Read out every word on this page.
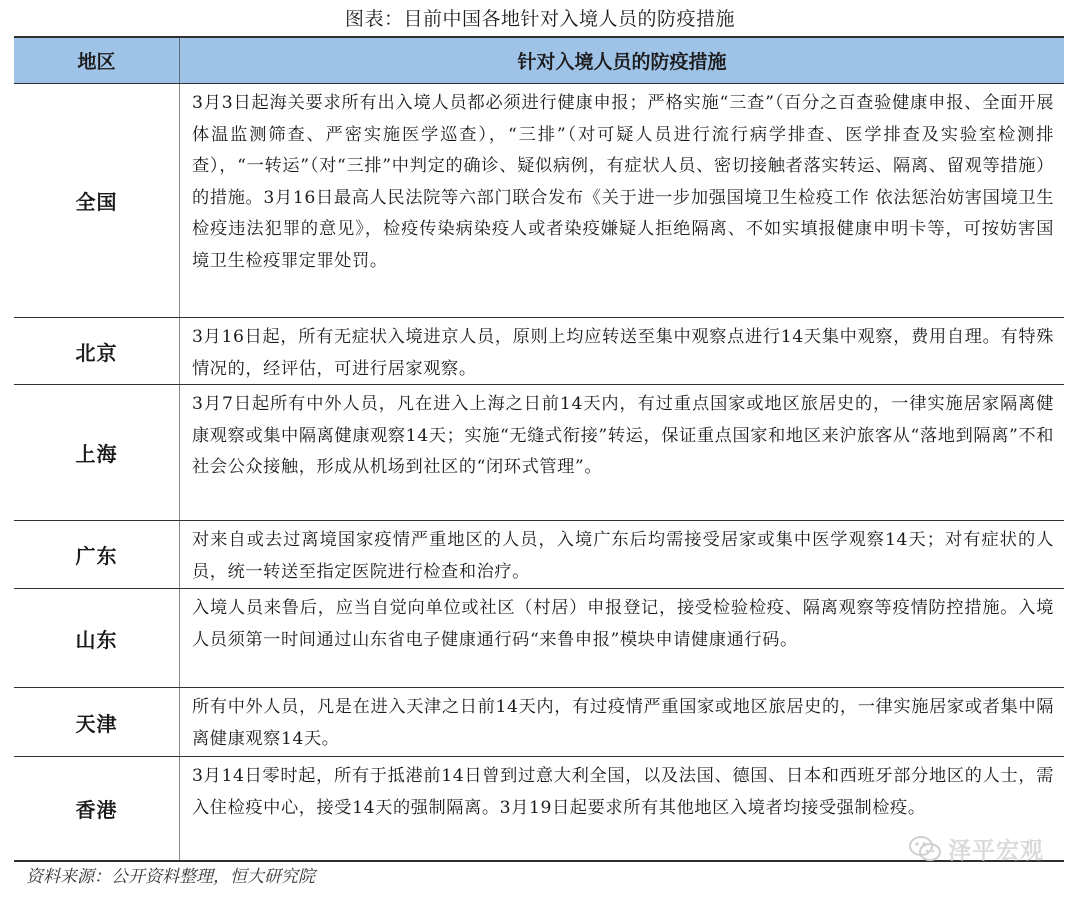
图表：目前中国各地针对入境人员的防疫措施
地区	针对入境人员的防疫措施
全国
3月3日起海关要求所有出入境人员都必须进行健康申报；严格实施“三查”（百分之百查验健康申报、全面开展体温监测筛查、严密实施医学巡查），“三排”（对可疑人员进行流行病学排查、医学排查及实验室检测排查），“一转运”（对“三排”中判定的确诊、疑似病例，有症状人员、密切接触者落实转运、隔离、留观等措施）的措施。3月16日最高人民法院等六部门联合发布《关于进一步加强国境卫生检疫工作 依法惩治妨害国境卫生检疫违法犯罪的意见》，检疫传染病染疫人或者染疫嫌疑人拒绝隔离、不如实填报健康申明卡等，可按妨害国境卫生检疫罪定罪处罚。
北京
3月16日起，所有无症状入境进京人员，原则上均应转送至集中观察点进行14天集中观察，费用自理。有特殊情况的，经评估，可进行居家观察。
上海
3月7日起所有中外人员，凡在进入上海之日前14天内，有过重点国家或地区旅居史的，一律实施居家隔离健康观察或集中隔离健康观察14天；实施“无缝式衔接”转运，保证重点国家和地区来沪旅客从“落地到隔离”不和社会公众接触，形成从机场到社区的“闭环式管理”。
广东
对来自或去过离境国家疫情严重地区的人员，入境广东后均需接受居家或集中医学观察14天；对有症状的人员，统一转送至指定医院进行检查和治疗。
山东
入境人员来鲁后，应当自觉向单位或社区（村居）申报登记，接受检验检疫、隔离观察等疫情防控措施。入境人员须第一时间通过山东省电子健康通行码“来鲁申报”模块申请健康通行码。
天津
所有中外人员，凡是在进入天津之日前14天内，有过疫情严重国家或地区旅居史的，一律实施居家或者集中隔离健康观察14天。
香港
3月14日零时起，所有于抵港前14日曾到过意大利全国，以及法国、德国、日本和西班牙部分地区的人士，需入住检疫中心，接受14天的强制隔离。3月19日起要求所有其他地区入境者均接受强制检疫。
资料来源：公开资料整理，恒大研究院
泽平宏观
